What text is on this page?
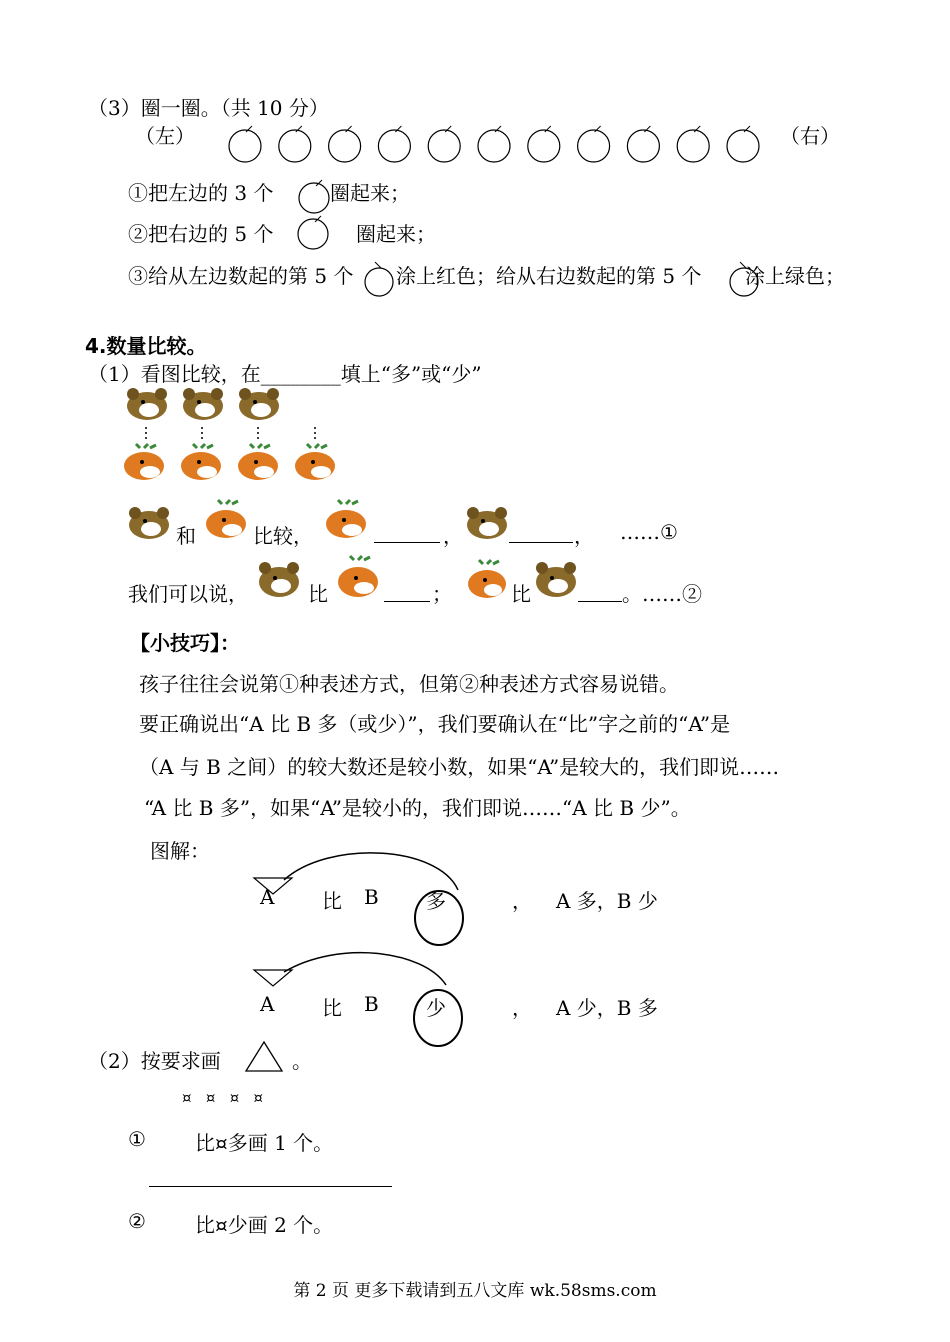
（3）圈一圈。（共 10 分）
（左）	（右）
①把左边的 3 个	圈起来；
②把右边的 5 个	圈起来；
③给从左边数起的第 5 个 涂上红色；给从右边数起的第 5 个 涂上绿色；
4.数量比较。
（1）看图比较，在________填上“多”或“少”
和	比较，	，	， ……①
我们可以说，	比	；	比	。……②
【小技巧】：
孩子往往会说第①种表述方式，但第②种表述方式容易说错。
要正确说出“A 比 B 多（或少）”，我们要确认在“比”字之前的“A”是
（A 与 B 之间）的较大数还是较小数，如果“A”是较大的，我们即说……
“A 比 B 多”，如果“A”是较小的，我们即说……“A 比 B 少”。
图解：
A 比 B 多	， A 多，B 少
A 比 B 少	， A 少，B 多
（2）按要求画	。
¤   ¤   ¤   ¤
① 比¤多画 1 个。
② 比¤少画 2 个。
第 2 页 更多下载请到五八文库 wk.58sms.com
